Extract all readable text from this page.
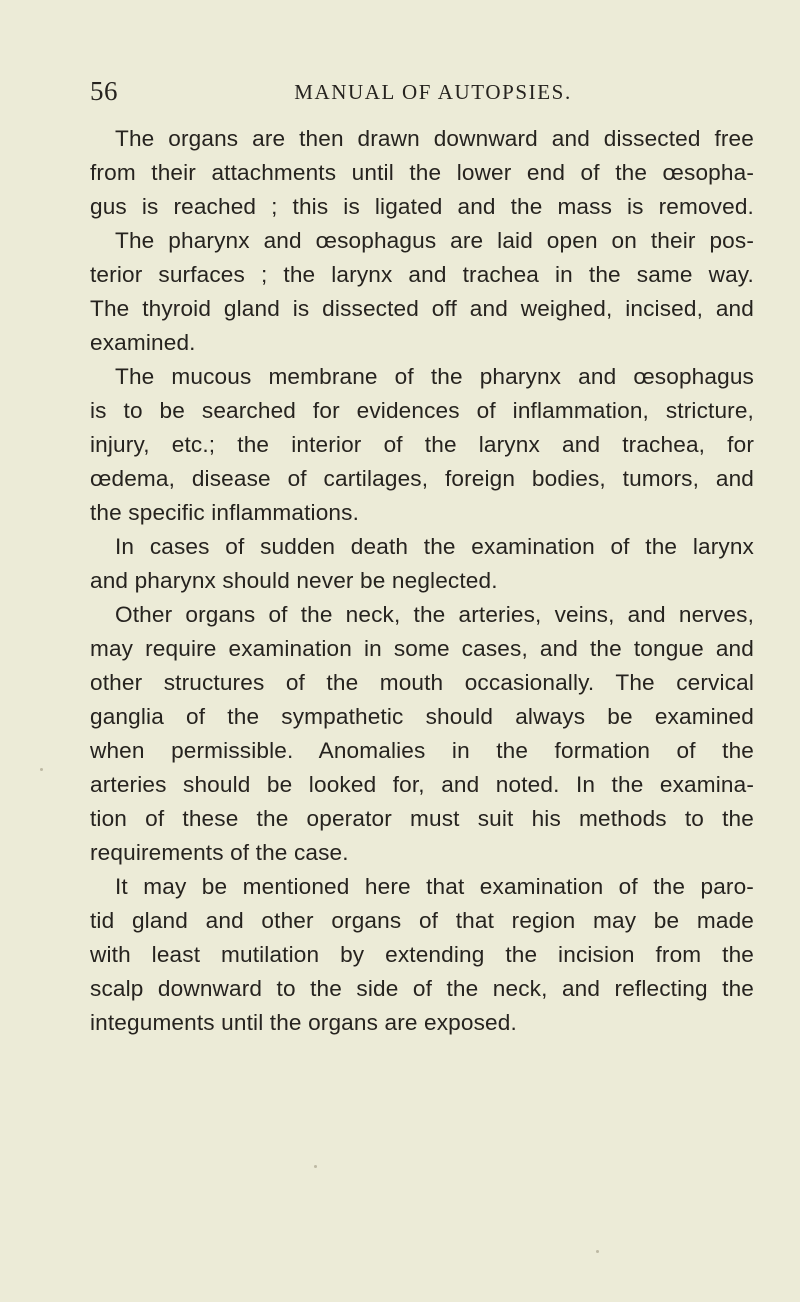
56	MANUAL OF AUTOPSIES.
The organs are then drawn downward and dissected free
from their attachments until the lower end of the œsopha-
gus is reached ; this is ligated and the mass is removed.
The pharynx and œsophagus are laid open on their pos-
terior surfaces ; the larynx and trachea in the same way.
The thyroid gland is dissected off and weighed, incised, and
examined.
The mucous membrane of the pharynx and œsophagus
is to be searched for evidences of inflammation, stricture,
injury, etc.; the interior of the larynx and trachea, for
œdema, disease of cartilages, foreign bodies, tumors, and
the specific inflammations.
In cases of sudden death the examination of the larynx
and pharynx should never be neglected.
Other organs of the neck, the arteries, veins, and nerves,
may require examination in some cases, and the tongue and
other structures of the mouth occasionally. The cervical
ganglia of the sympathetic should always be examined
when permissible. Anomalies in the formation of the
arteries should be looked for, and noted. In the examina-
tion of these the operator must suit his methods to the
requirements of the case.
It may be mentioned here that examination of the paro-
tid gland and other organs of that region may be made
with least mutilation by extending the incision from the
scalp downward to the side of the neck, and reflecting the
integuments until the organs are exposed.
